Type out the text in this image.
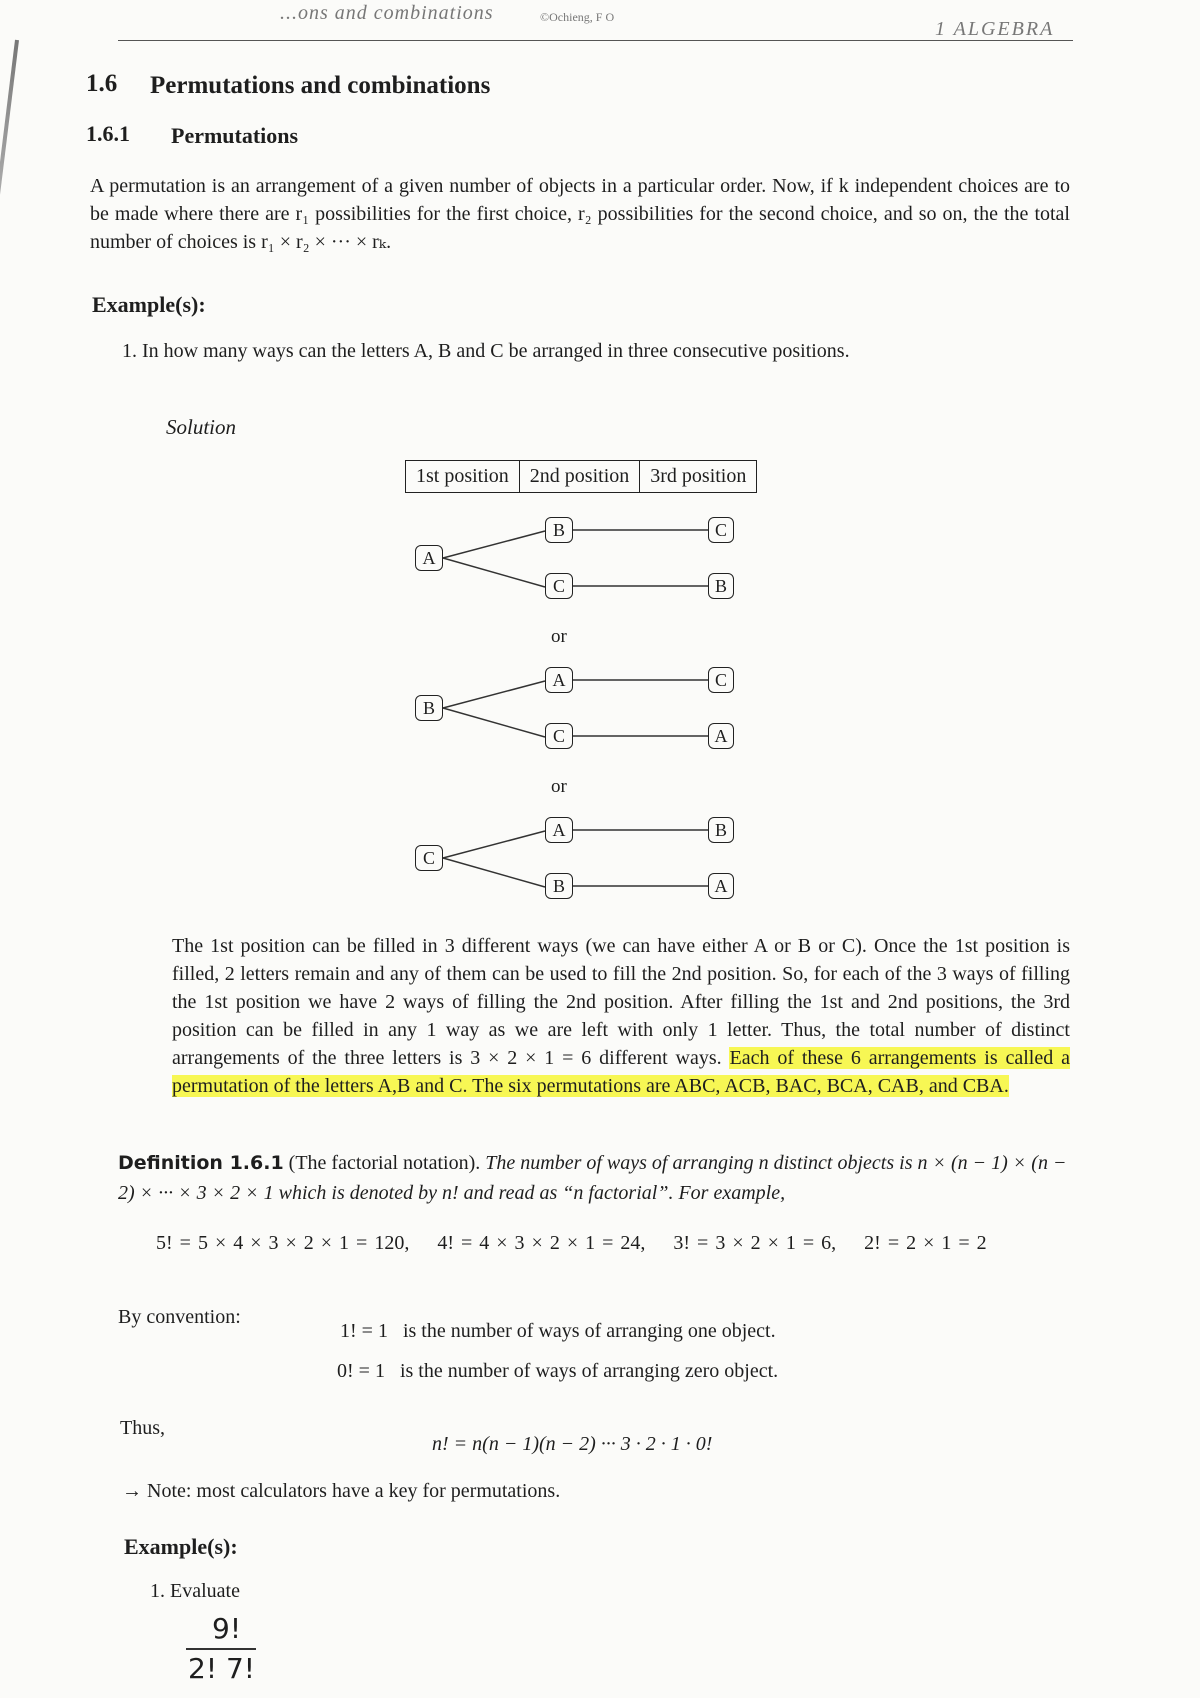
...ons and combinations	©Ochieng, F O
1 ALGEBRA
1.6 Permutations and combinations
1.6.1 Permutations
A permutation is an arrangement of a given number of objects in a particular order. Now, if k independent choices are to be made where there are r₁ possibilities for the first choice, r₂ possibilities for the second choice, and so on, the the total number of choices is r₁ × r₂ × ··· × rₖ.
Example(s):
1. In how many ways can the letters A, B and C be arranged in three consecutive positions.
Solution
1st position	2nd position	3rd position
A
B	C
C	B
or
B
A	C
C	A
or
C
A	B
B	A
The 1st position can be filled in 3 different ways (we can have either A or B or C). Once the 1st position is filled, 2 letters remain and any of them can be used to fill the 2nd position. So, for each of the 3 ways of filling the 1st position we have 2 ways of filling the 2nd position. After filling the 1st and 2nd positions, the 3rd position can be filled in any 1 way as we are left with only 1 letter. Thus, the total number of distinct arrangements of the three letters is 3 × 2 × 1 = 6 different ways. Each of these 6 arrangements is called a permutation of the letters A,B and C. The six permutations are ABC, ACB, BAC, BCA, CAB, and CBA.
Definition 1.6.1 (The factorial notation). The number of ways of arranging n distinct objects is n × (n − 1) × (n − 2) × ··· × 3 × 2 × 1 which is denoted by n! and read as “n factorial”. For example,
5! = 5 × 4 × 3 × 2 × 1 = 120,    4! = 4 × 3 × 2 × 1 = 24,    3! = 3 × 2 × 1 = 6,    2! = 2 × 1 = 2
By convention:
1! = 1   is the number of ways of arranging one object.
0! = 1   is the number of ways of arranging zero object.
Thus,
n! = n(n − 1)(n − 2) ··· 3 · 2 · 1 · 0!
→ Note: most calculators have a key for permutations.
Example(s):
1. Evaluate
9!
2! 7!
